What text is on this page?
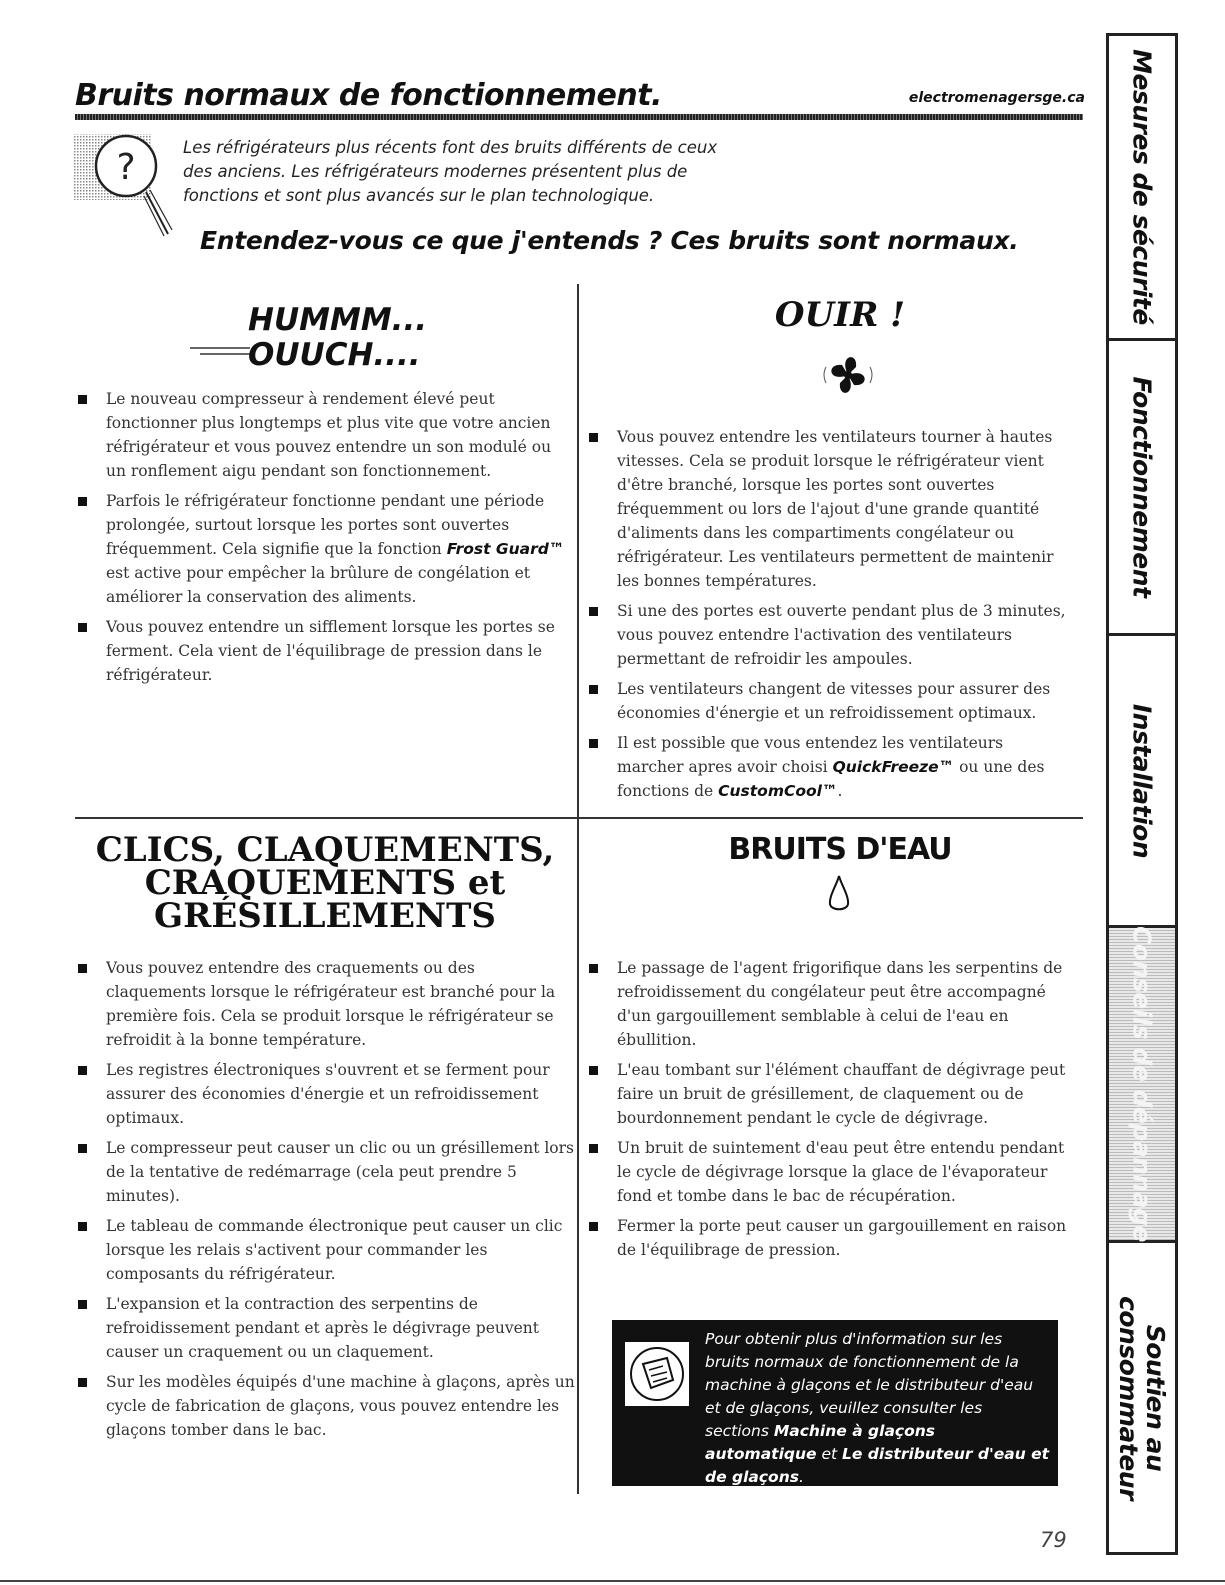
Bruits normaux de fonctionnement.	electromenagersge.ca
?	Les réfrigérateurs plus récents font des bruits différents de ceux
des anciens. Les réfrigérateurs modernes présentent plus de
fonctions et sont plus avancés sur le plan technologique.
Entendez-vous ce que j'entends ? Ces bruits sont normaux.
HUMMM...
OUUCH....
Le nouveau compresseur à rendement élevé peut fonctionner plus longtemps et plus vite que votre ancien réfrigérateur et vous pouvez entendre un son modulé ou un ronflement aigu pendant son fonctionnement.
Parfois le réfrigérateur fonctionne pendant une période prolongée, surtout lorsque les portes sont ouvertes fréquemment. Cela signifie que la fonction Frost Guard™ est active pour empêcher la brûlure de congélation et améliorer la conservation des aliments.
Vous pouvez entendre un sifflement lorsque les portes se ferment. Cela vient de l'équilibrage de pression dans le réfrigérateur.
OUIR !
Vous pouvez entendre les ventilateurs tourner à hautes vitesses. Cela se produit lorsque le réfrigérateur vient d'être branché, lorsque les portes sont ouvertes fréquemment ou lors de l'ajout d'une grande quantité d'aliments dans les compartiments congélateur ou réfrigérateur. Les ventilateurs permettent de maintenir les bonnes températures.
Si une des portes est ouverte pendant plus de 3 minutes, vous pouvez entendre l'activation des ventilateurs permettant de refroidir les ampoules.
Les ventilateurs changent de vitesses pour assurer des économies d'énergie et un refroidissement optimaux.
Il est possible que vous entendez les ventilateurs marcher apres avoir choisi QuickFreeze™ ou une des fonctions de CustomCool™.
CLICS, CLAQUEMENTS,
CRAQUEMENTS et
GRÉSILLEMENTS
Vous pouvez entendre des craquements ou des claquements lorsque le réfrigérateur est branché pour la première fois. Cela se produit lorsque le réfrigérateur se refroidit à la bonne température.
Les registres électroniques s'ouvrent et se ferment pour assurer des économies d'énergie et un refroidissement optimaux.
Le compresseur peut causer un clic ou un grésillement lors de la tentative de redémarrage (cela peut prendre 5 minutes).
Le tableau de commande électronique peut causer un clic lorsque les relais s'activent pour commander les composants du réfrigérateur.
L'expansion et la contraction des serpentins de refroidissement pendant et après le dégivrage peuvent causer un craquement ou un claquement.
Sur les modèles équipés d'une machine à glaçons, après un cycle de fabrication de glaçons, vous pouvez entendre les glaçons tomber dans le bac.
BRUITS D'EAU
Le passage de l'agent frigorifique dans les serpentins de refroidissement du congélateur peut être accompagné d'un gargouillement semblable à celui de l'eau en ébullition.
L'eau tombant sur l'élément chauffant de dégivrage peut faire un bruit de grésillement, de claquement ou de bourdonnement pendant le cycle de dégivrage.
Un bruit de suintement d'eau peut être entendu pendant le cycle de dégivrage lorsque la glace de l'évaporateur fond et tombe dans le bac de récupération.
Fermer la porte peut causer un gargouillement en raison de l'équilibrage de pression.
Pour obtenir plus d'information sur les bruits normaux de fonctionnement de la machine à glaçons et le distributeur d'eau et de glaçons, veuillez consulter les sections Machine à glaçons automatique et Le distributeur d'eau et de glaçons.
79
Mesures de sécurité
Fonctionnement
Installation
Conseils de dépannage
Soutien au consommateur
